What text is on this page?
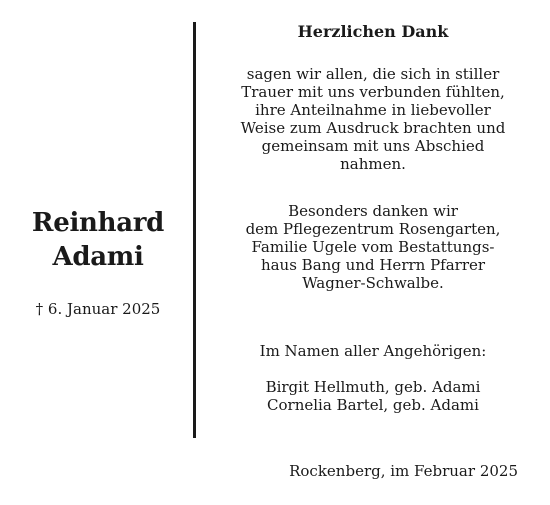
Reinhard
Adami
† 6. Januar 2025
Herzlichen Dank
sagen wir allen, die sich in stiller
Trauer mit uns verbunden fühlten,
ihre Anteilnahme in liebevoller
Weise zum Ausdruck brachten und
gemeinsam mit uns Abschied
nahmen.
Besonders danken wir
dem Pflegezentrum Rosengarten,
Familie Ugele vom Bestattungs-
haus Bang und Herrn Pfarrer
Wagner-Schwalbe.
Im Namen aller Angehörigen:
Birgit Hellmuth, geb. Adami
Cornelia Bartel, geb. Adami
Rockenberg, im Februar 2025
